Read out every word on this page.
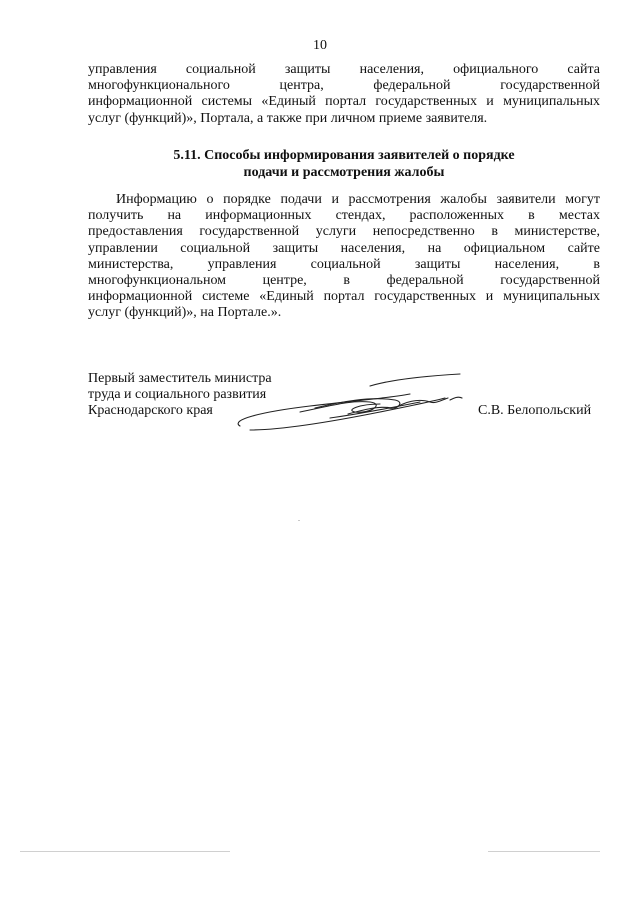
10
управления социальной защиты населения, официального сайта
многофункционального центра, федеральной государственной
информационной системы «Единый портал государственных и муниципальных
услуг (функций)», Портала, а также при личном приеме заявителя.
5.11. Способы информирования заявителей о порядке
подачи и рассмотрения жалобы
Информацию о порядке подачи и рассмотрения жалобы заявители могут
получить на информационных стендах, расположенных в местах
предоставления государственной услуги непосредственно в министерстве,
управлении социальной защиты населения, на официальном сайте
министерства, управления социальной защиты населения, в
многофункциональном центре, в федеральной государственной
информационной системе «Единый портал государственных и муниципальных
услуг (функций)», на Портале.».
Первый заместитель министра
труда и социального развития
Краснодарского края	С.В. Белопольский
